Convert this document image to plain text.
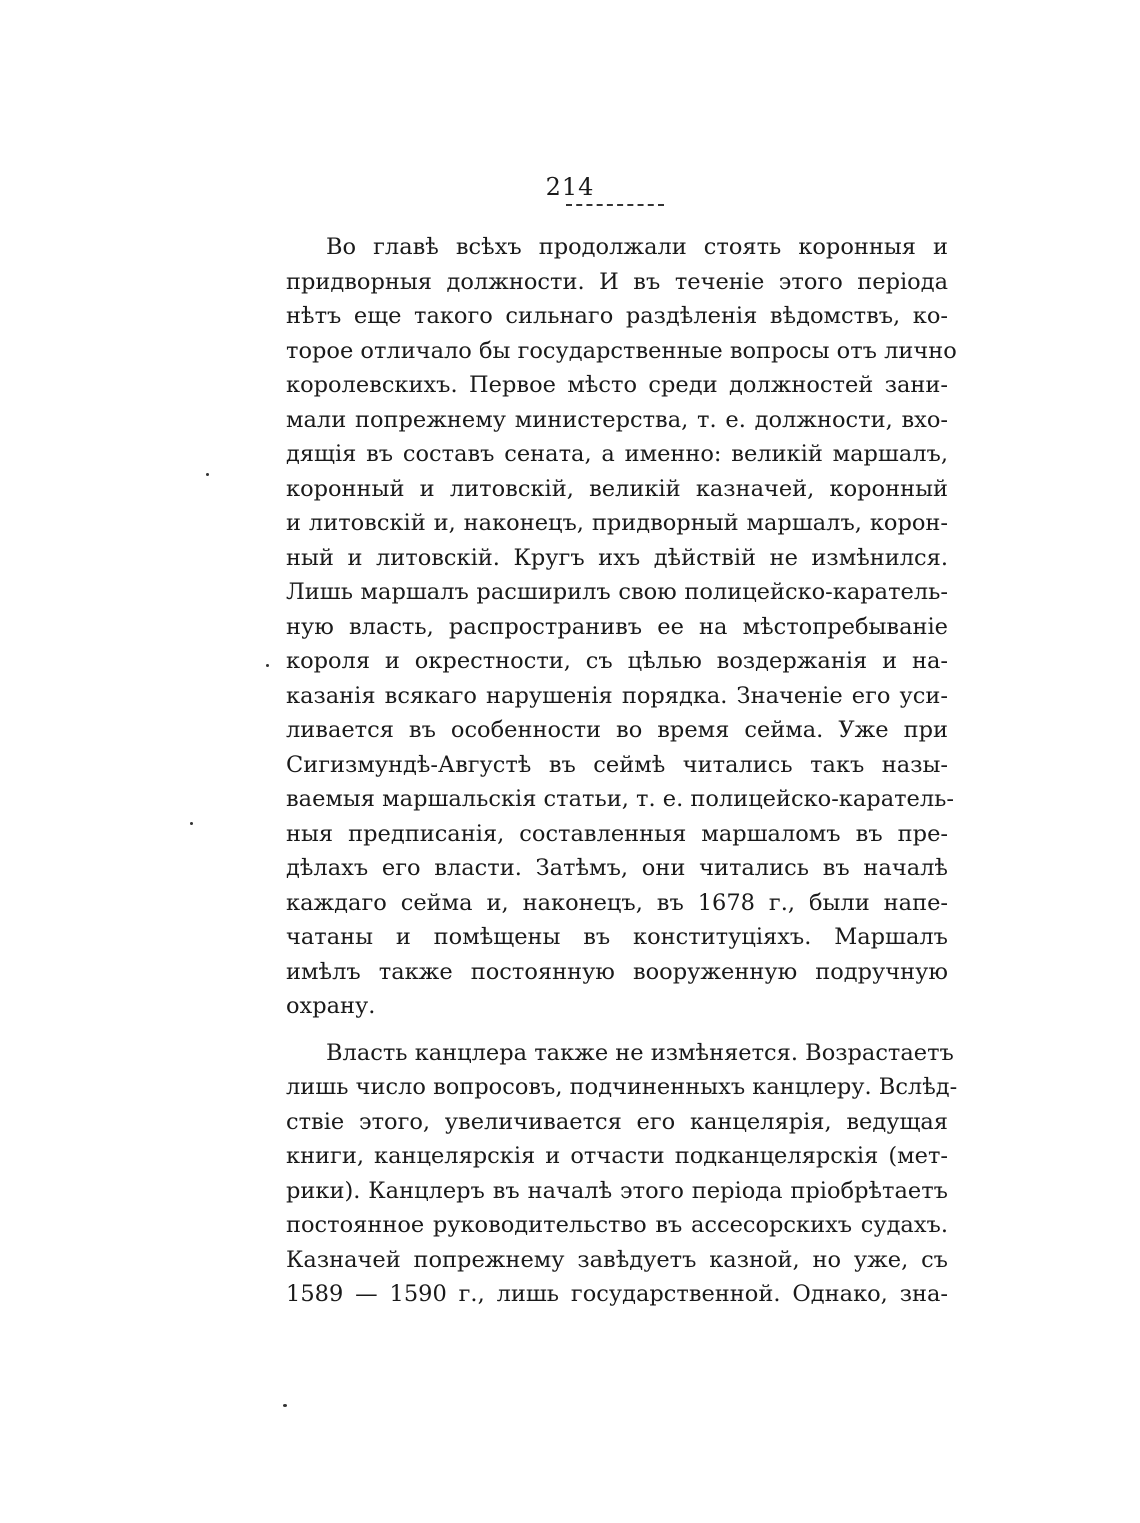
214
Во главѣ всѣхъ продолжали стоять коронныя и
придворныя должности. И въ теченіе этого періода
нѣтъ еще такого сильнаго раздѣленія вѣдомствъ, ко-
торое отличало бы государственные вопросы отъ лично
королевскихъ. Первое мѣсто среди должностей зани-
мали попрежнему министерства, т. е. должности, вхо-
дящія въ составъ сената, а именно: великій маршалъ,
коронный и литовскій, великій казначей, коронный
и литовскій и, наконецъ, придворный маршалъ, корон-
ный и литовскій. Кругъ ихъ дѣйствій не измѣнился.
Лишь маршалъ расширилъ свою полицейско-каратель-
ную власть, распространивъ ее на мѣстопребываніе
короля и окрестности, съ цѣлью воздержанія и на-
казанія всякаго нарушенія порядка. Значеніе его уси-
ливается въ особенности во время сейма. Уже при
Сигизмундѣ-Августѣ въ сеймѣ читались такъ назы-
ваемыя маршальскія статьи, т. е. полицейско-каратель-
ныя предписанія, составленныя маршаломъ въ пре-
дѣлахъ его власти. Затѣмъ, они читались въ началѣ
каждаго сейма и, наконецъ, въ 1678 г., были напе-
чатаны и помѣщены въ конституціяхъ. Маршалъ
имѣлъ также постоянную вооруженную подручную
охрану.
Власть канцлера также не измѣняется. Возрастаетъ
лишь число вопросовъ, подчиненныхъ канцлеру. Вслѣд-
ствіе этого, увеличивается его канцелярія, ведущая
книги, канцелярскія и отчасти подканцелярскія (мет-
рики). Канцлеръ въ началѣ этого періода пріобрѣтаетъ
постоянное руководительство въ ассесорскихъ судахъ.
Казначей попрежнему завѣдуетъ казной, но уже, съ
1589 — 1590 г., лишь государственной. Однако, зна-
